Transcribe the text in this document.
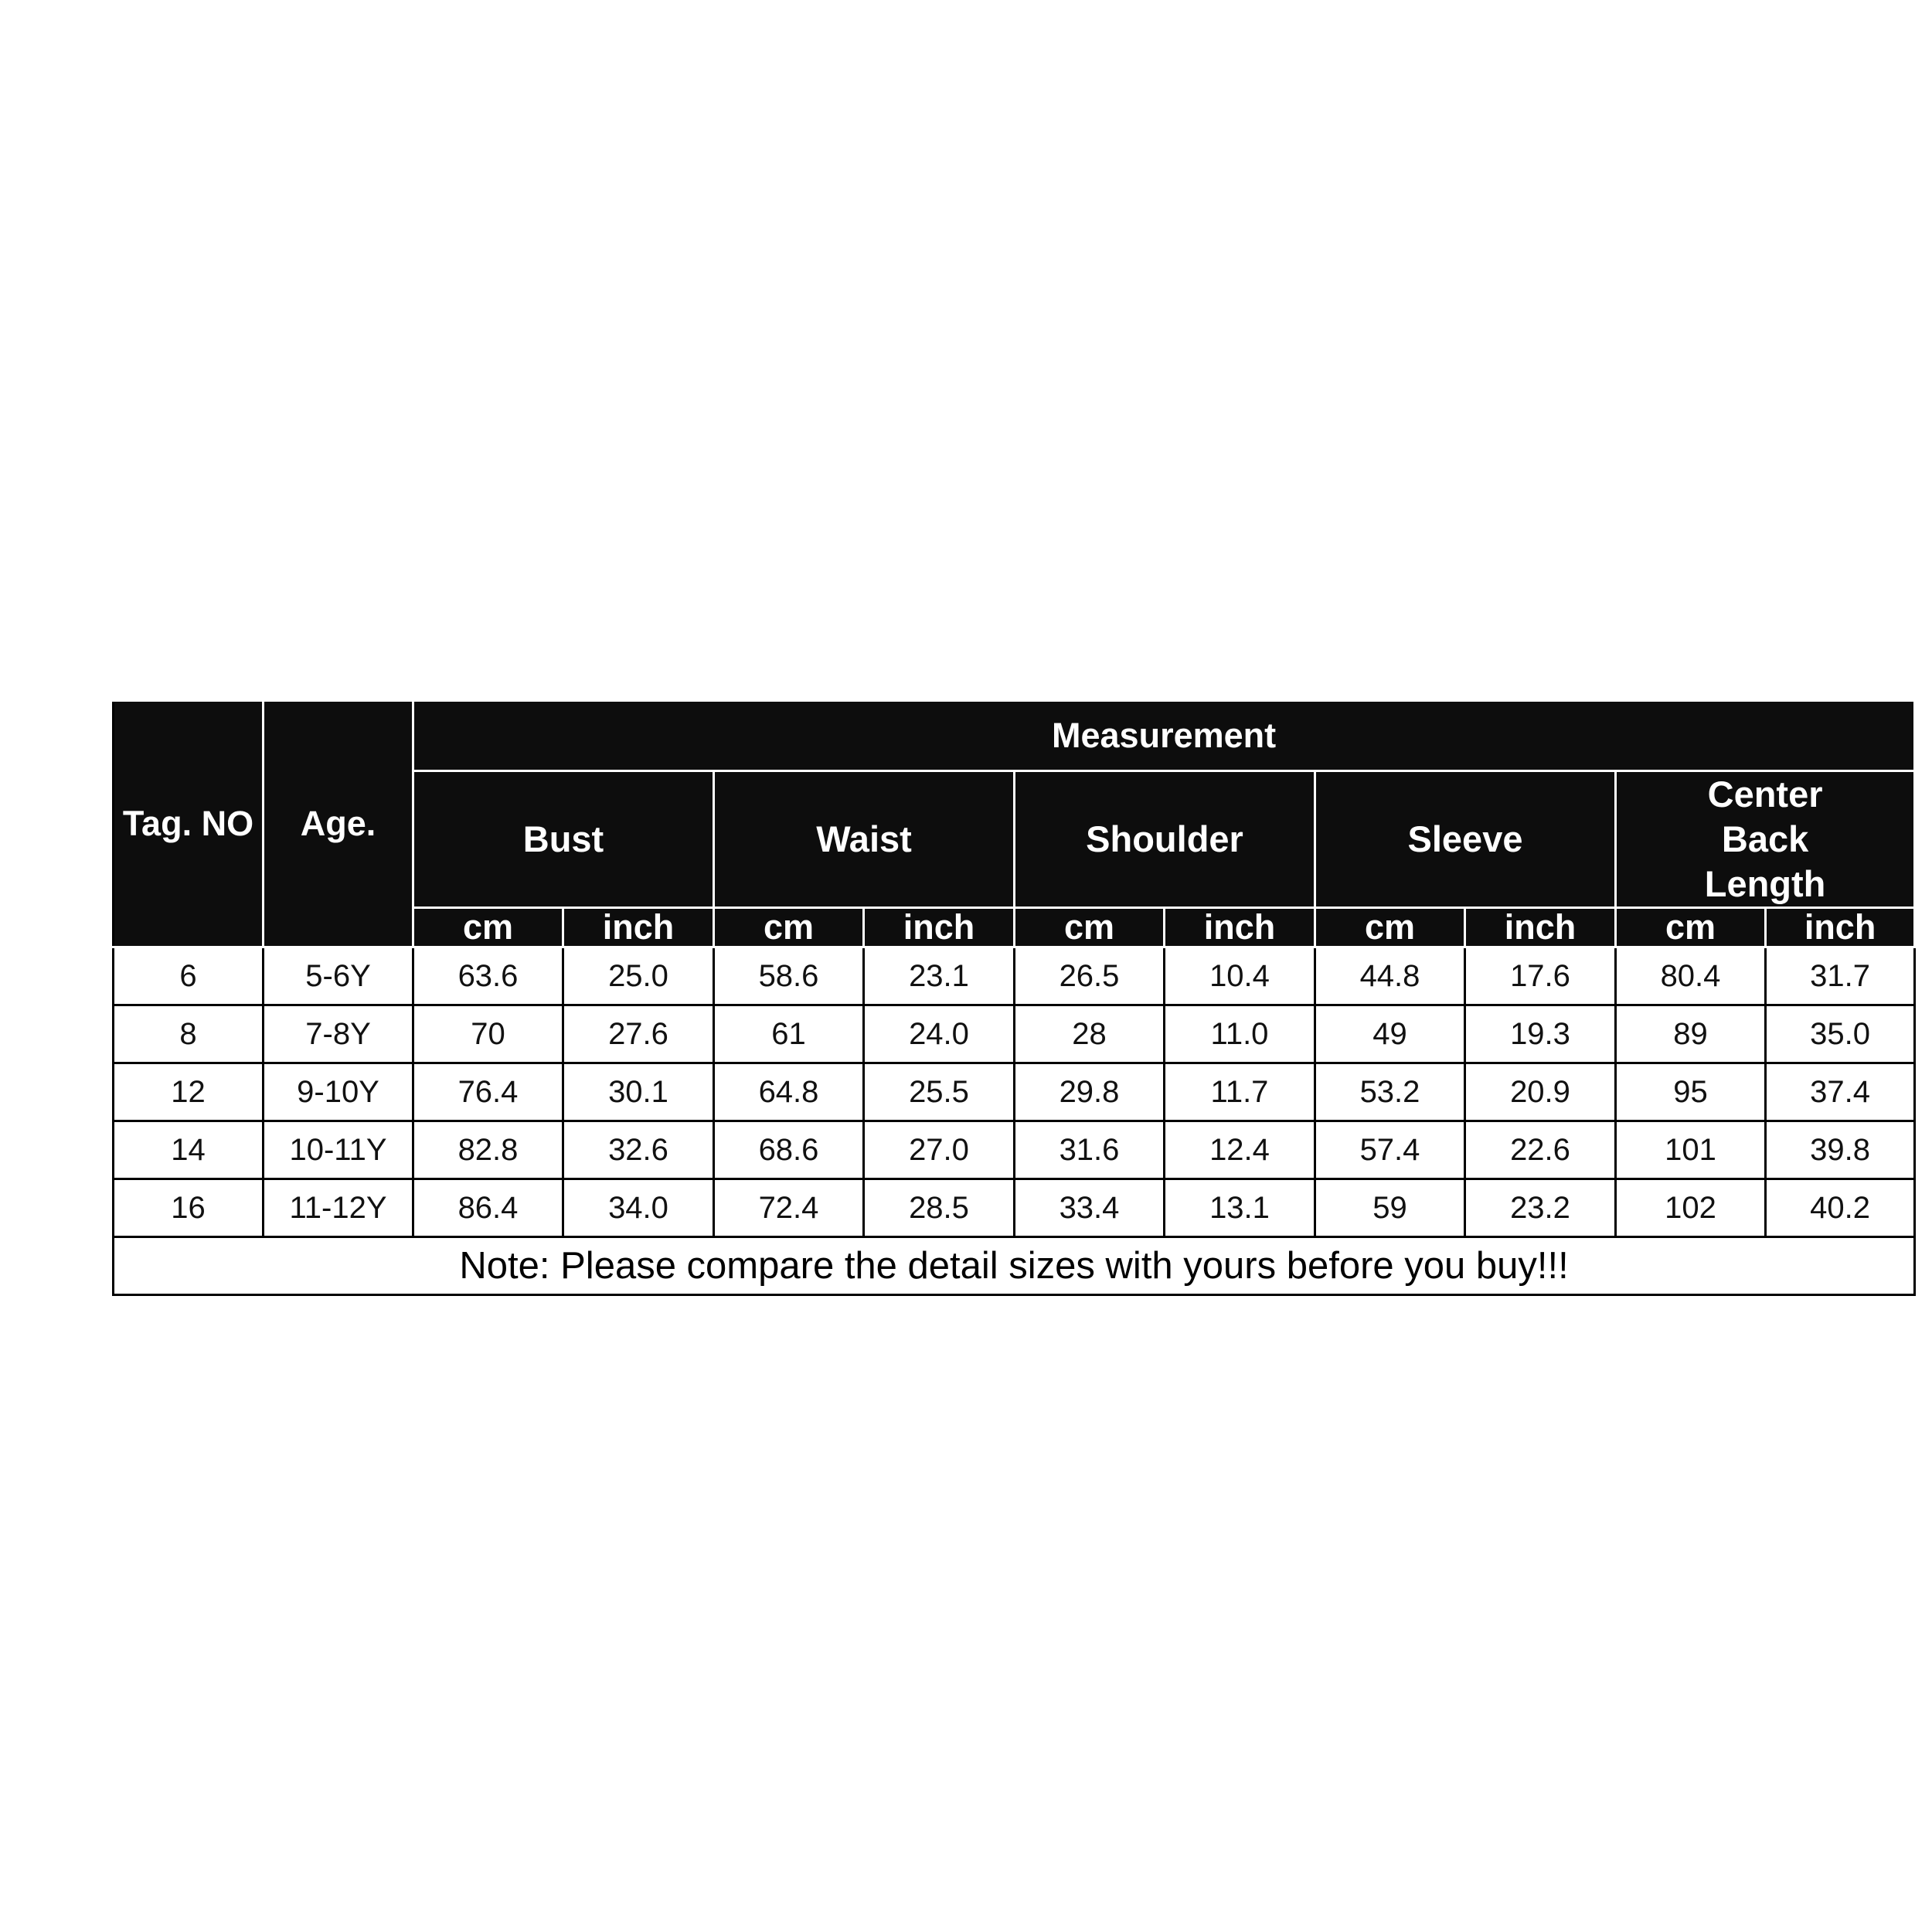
Tag. NO	Age.	Measurement									
		Bust		Waist		Shoulder		Sleeve		Center Back Length	
		cm	inch	cm	inch	cm	inch	cm	inch	cm	inch
6	5-6Y	63.6	25.0	58.6	23.1	26.5	10.4	44.8	17.6	80.4	31.7
8	7-8Y	70	27.6	61	24.0	28	11.0	49	19.3	89	35.0
12	9-10Y	76.4	30.1	64.8	25.5	29.8	11.7	53.2	20.9	95	37.4
14	10-11Y	82.8	32.6	68.6	27.0	31.6	12.4	57.4	22.6	101	39.8
16	11-12Y	86.4	34.0	72.4	28.5	33.4	13.1	59	23.2	102	40.2
Note: Please compare the detail sizes with yours before you buy!!!											
